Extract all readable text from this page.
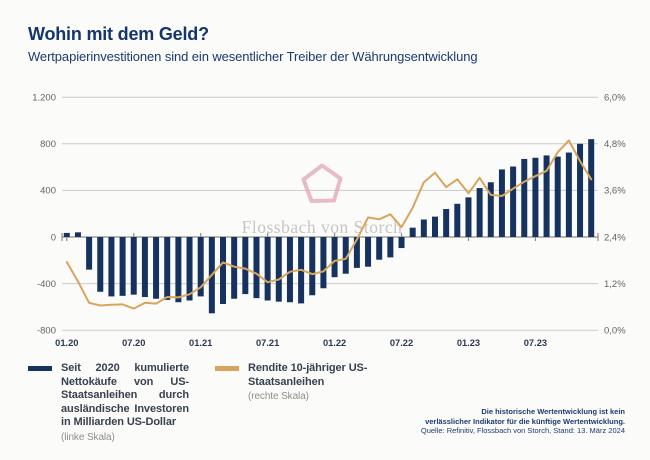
1.200	6,0%
800	4,8%
400	3,6%
0	2,4%
-400	1,2%
-800	0,0%
Flossbach von Storch
01.20	07.20	01.21	07.21	01.22	07.22	01.23	07.23
Wohin mit dem Geld?
Wertpapierinvestitionen sind ein wesentlicher Treiber der Währungsentwicklung
Seit 2020 kumulierte Nettokäufe von US-Staatsanleihen durch ausländische Investoren in Milliarden US-Dollar
(linke Skala)
Rendite 10-jähriger US-Staatsanleihen
(rechte Skala)
Die historische Wertentwicklung ist kein
verlässlicher Indikator für die künftige Wertentwicklung.
Quelle: Refinitiv, Flossbach von Storch, Stand: 13. März 2024
